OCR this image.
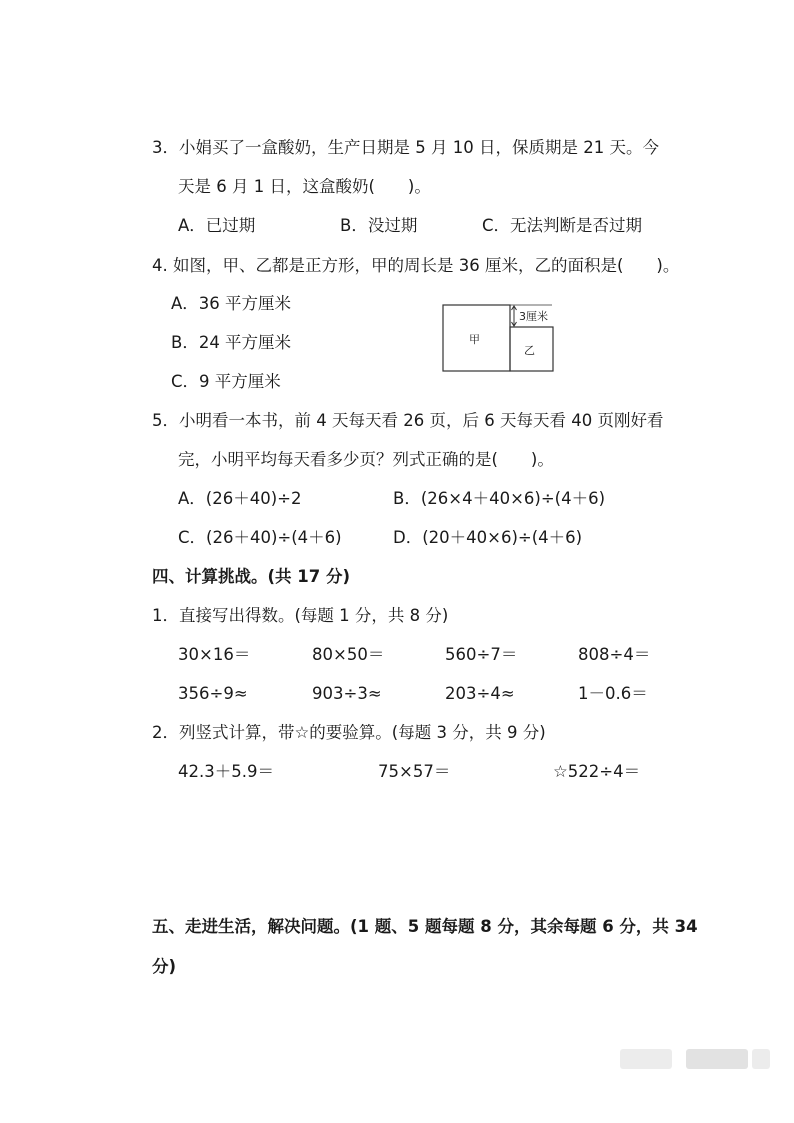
3．小娟买了一盒酸奶，生产日期是 5 月 10 日，保质期是 21 天。今
天是 6 月 1 日，这盒酸奶(　　)。
A．已过期	B．没过期	C．无法判断是否过期
4. 如图，甲、乙都是正方形，甲的周长是 36 厘米，乙的面积是(　　)。
A．36 平方厘米
B．24 平方厘米
C．9 平方厘米
甲
乙
3厘米
5．小明看一本书，前 4 天每天看 26 页，后 6 天每天看 40 页刚好看
完，小明平均每天看多少页？列式正确的是(　　)。
A．(26＋40)÷2	B．(26×4＋40×6)÷(4＋6)
C．(26＋40)÷(4＋6)	D．(20＋40×6)÷(4＋6)
四、计算挑战。(共 17 分)
1．直接写出得数。(每题 1 分，共 8 分)
30×16＝	80×50＝	560÷7＝	808÷4＝
356÷9≈	903÷3≈	203÷4≈	1－0.6＝
2．列竖式计算，带☆的要验算。(每题 3 分，共 9 分)
42.3＋5.9＝	75×57＝	☆522÷4＝
五、走进生活，解决问题。(1 题、5 题每题 8 分，其余每题 6 分，共 34
分)
